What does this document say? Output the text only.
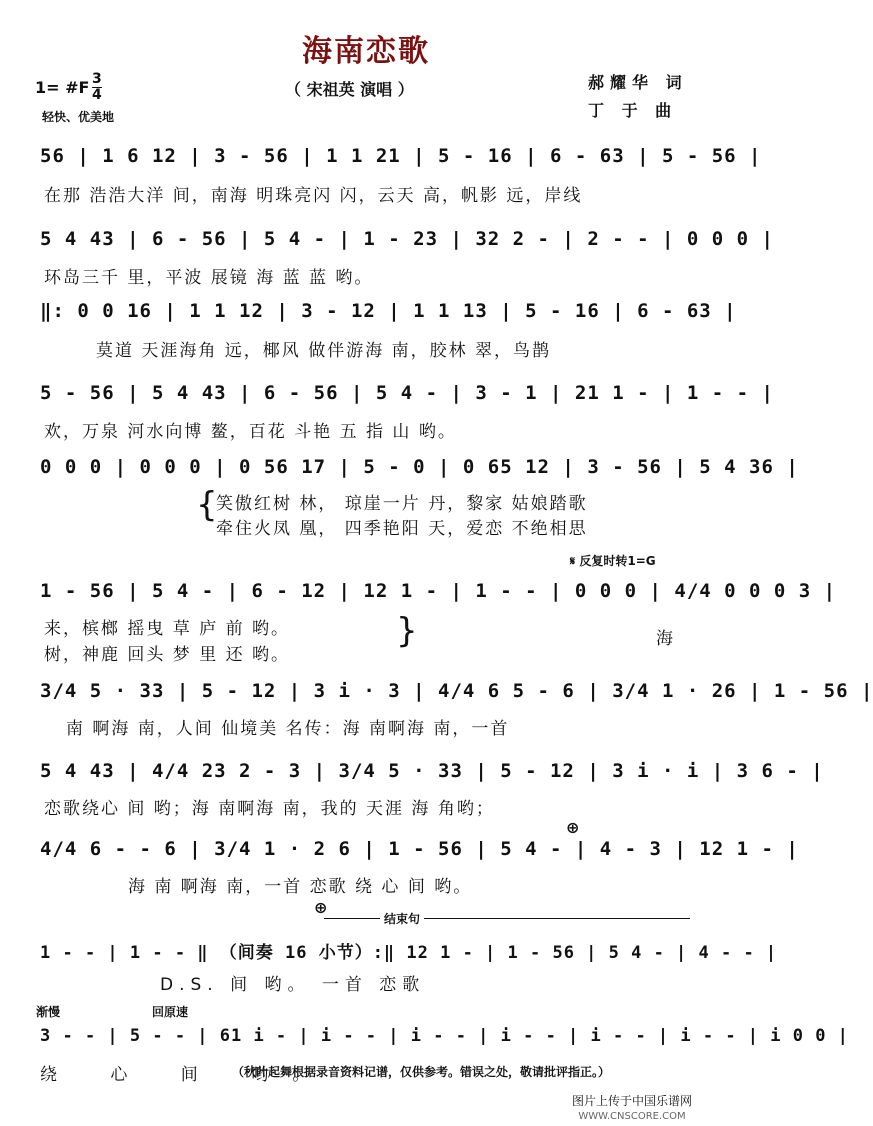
海南恋歌
（ 宋祖英 演唱 ）	郝耀华 词
丁 于 曲
1= #F 3
4
轻快、优美地
56 | 1 6 12 | 3 - 56 | 1 1 21 | 5 - 16 | 6 - 63 | 5 - 56 |
在那 浩浩大洋 间，南海 明珠亮闪 闪，云天 高，帆影 远，岸线
5 4 43 | 6 - 56 | 5 4 - | 1 - 23 | 32 2 - | 2 - - | 0 0 0 |
环岛三千 里，平波 展镜 海 蓝 蓝 哟。
‖: 0 0 16 | 1 1 12 | 3 - 12 | 1 1 13 | 5 - 16 | 6 - 63 |
莫道 天涯海角 远，椰风 做伴游海 南，胶林 翠，鸟鹊
5 - 56 | 5 4 43 | 6 - 56 | 5 4 - | 3 - 1 | 21 1 - | 1 - - |
欢，万泉 河水向博 鳌，百花 斗艳 五 指 山 哟。
0 0 0 | 0 0 0 | 0 56 17 | 5 - 0 | 0 65 12 | 3 - 56 | 5 4 36 |
{
笑傲红树 林， 琼崖一片 丹，黎家 姑娘踏歌
牵住火凤 凰， 四季艳阳 天，爱恋 不绝相思
𝄋 反复时转1=G
1 - 56 | 5 4 - | 6 - 12 | 12 1 - | 1 - - | 0 0 0 | 4/4 0 0 0 3 |
来，槟榔 摇曳 草 庐 前 哟。
树，神鹿 回头 梦 里 还 哟。
}	海
3/4 5 · 33 | 5 - 12 | 3 i · 3 | 4/4 6 5 - 6 | 3/4 1 · 26 | 1 - 56 |
南 啊海 南，人间 仙境美 名传：海 南啊海 南，一首
5 4 43 | 4/4 23 2 - 3 | 3/4 5 · 33 | 5 - 12 | 3 i · i | 3 6 - |
恋歌绕心 间 哟；海 南啊海 南，我的 天涯 海 角哟；
⊕
4/4 6 - - 6 | 3/4 1 · 2 6 | 1 - 56 | 5 4 - | 4 - 3 | 12 1 - |
海 南 啊海 南，一首 恋歌 绕 心 间 哟。
⊕
结束句
1 - - | 1 - - ‖ （间奏 16 小节）:‖ 12 1 - | 1 - 56 | 5 4 - | 4 - - |
D.S. 间 哟。 一首 恋歌
渐慢	回原速
3 - - | 5 - - | 61 i - | i - - | i - - | i - - | i - - | i - - | i 0 0 |
绕 心 间 哟。
（秋叶起舞根据录音资料记谱，仅供参考。错误之处，敬请批评指正。）
图片上传于中国乐谱网
WWW.CNSCORE.COM
